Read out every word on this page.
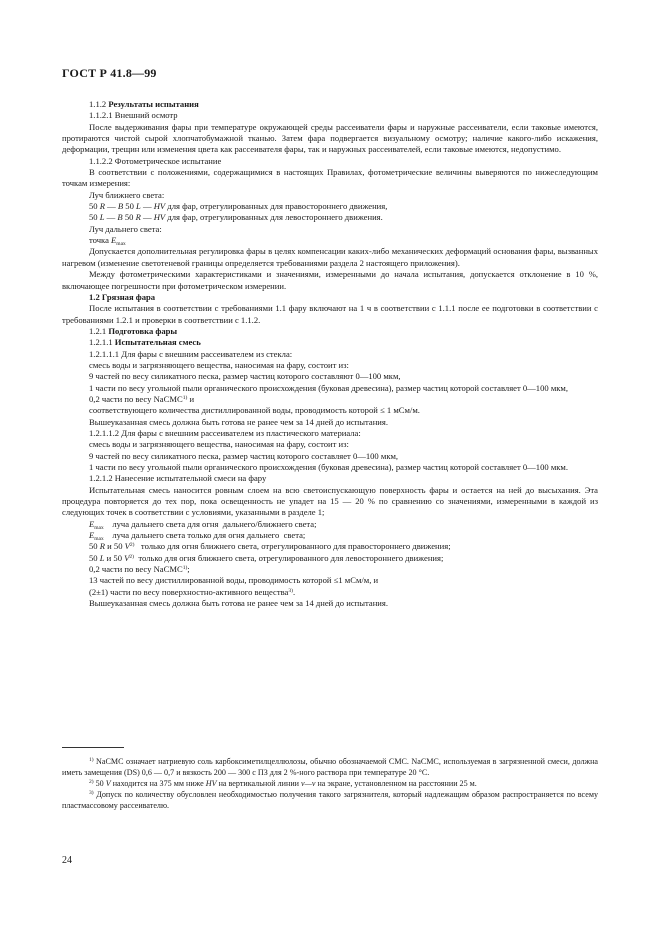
ГОСТ Р 41.8—99

1.1.2 Результаты испытания

1.1.2.1 Внешний осмотр

После выдерживания фары при температуре окружающей среды рассеиватели фары и наружные рассеиватели, если таковые имеются, протираются чистой сырой хлопчатобумажной тканью. Затем фара подвергается визуальному осмотру; наличие какого-либо искажения, деформации, трещин или изменения цвета как рассеивателя фары, так и наружных рассеивателей, если таковые имеются, недопустимо.

1.1.2.2 Фотометрическое испытание

В соответствии с положениями, содержащимися в настоящих Правилах, фотометрические величины выверяются по нижеследующим точкам измерения:

Луч ближнего света:

50 R — B 50 L — HV для фар, отрегулированных для правостороннего движения,

50 L — B 50 R — HV для фар, отрегулированных для левостороннего движения.

Луч дальнего света:

точка $E_{max}$

Допускается дополнительная регулировка фары в целях компенсации каких-либо механических деформаций основания фары, вызванных нагревом (изменение светотеневой границы определяется требованиями раздела 2 настоящего приложения).

Между фотометрическими характеристиками и значениями, измеренными до начала испытания, допускается отклонение в 10 %, включающее погрешности при фотометрическом измерении.

1.2 Грязная фара

После испытания в соответствии с требованиями 1.1 фару включают на 1 ч в соответствии с 1.1.1 после ее подготовки в соответствии с требованиями 1.2.1 и проверки в соответствии с 1.1.2.

1.2.1 Подготовка фары

1.2.1.1 Испытательная смесь

1.2.1.1.1 Для фары с внешним рассеивателем из стекла:

смесь воды и загрязняющего вещества, наносимая на фару, состоит из:

9 частей по весу силикатного песка, размер частиц которого составляют 0—100 мкм,

1 части по весу угольной пыли органического происхождения (буковая древесина), размер частиц которой составляет 0—100 мкм,

0,2 части по весу NaCMC$^{1)}$ и

соответствующего количества дистиллированной воды, проводимость которой ≤ 1 мСм/м.

Вышеуказанная смесь должна быть готова не ранее чем за 14 дней до испытания.

1.2.1.1.2 Для фары с внешним рассеивателем из пластического материала:

смесь воды и загрязняющего вещества, наносимая на фару, состоит из:

9 частей по весу силикатного песка, размер частиц которого составляет 0—100 мкм,

1 части по весу угольной пыли органического происхождения (буковая древесина), размер частиц которой составляет 0—100 мкм.

1.2.1.2 Нанесение испытательной смеси на фару

Испытательная смесь наносится ровным слоем на всю светоиспускающую поверхность фары и остается на ней до высыхания. Эта процедура повторяется до тех пор, пока освещенность не упадет на 15 — 20 % по сравнению со значениями, измеренными в каждой из следующих точек в соответствии с условиями, указанными в разделе 1;

$E_{max}$    луча дальнего света для огня  дальнего/ближнего света;

$E_{max}$    луча дальнего света только для огня дальнего  света;

50 R и 50 $V^{2)}$   только для огня ближнего света, отрегулированного для правостороннего движения;

50 L и 50 $V^{2)}$  только для огня ближнего света, отрегулированного для левостороннего движения;

0,2 части по весу NaCMC$^{1)}$;

13 частей по весу дистиллированной воды, проводимость которой ≤1 мСм/м, и

(2±1) части по весу поверхностно-активного вещества$^{3)}$.

Вышеуказанная смесь должна быть готова не ранее чем за 14 дней до испытания.

$^{1)}$ NaCMC означает натриевую соль карбоксиметилцеллюлозы, обычно обозначаемой CMC. NaCMC, используемая в загрязненной смеси, должна иметь замещения (DS) 0,6 — 0,7 и вязкость 200 — 300 с ПЗ для 2 %-ного раствора при температуре 20 °С.

$^{2)}$ 50 V находится на 375 мм ниже HV на вертикальной линии v—v на экране, установленном на расстоянии 25 м.

$^{3)}$ Допуск по количеству обусловлен необходимостью получения такого загрязнителя, который надлежащим образом распространяется по всему пластмассовому рассеивателю.

24
